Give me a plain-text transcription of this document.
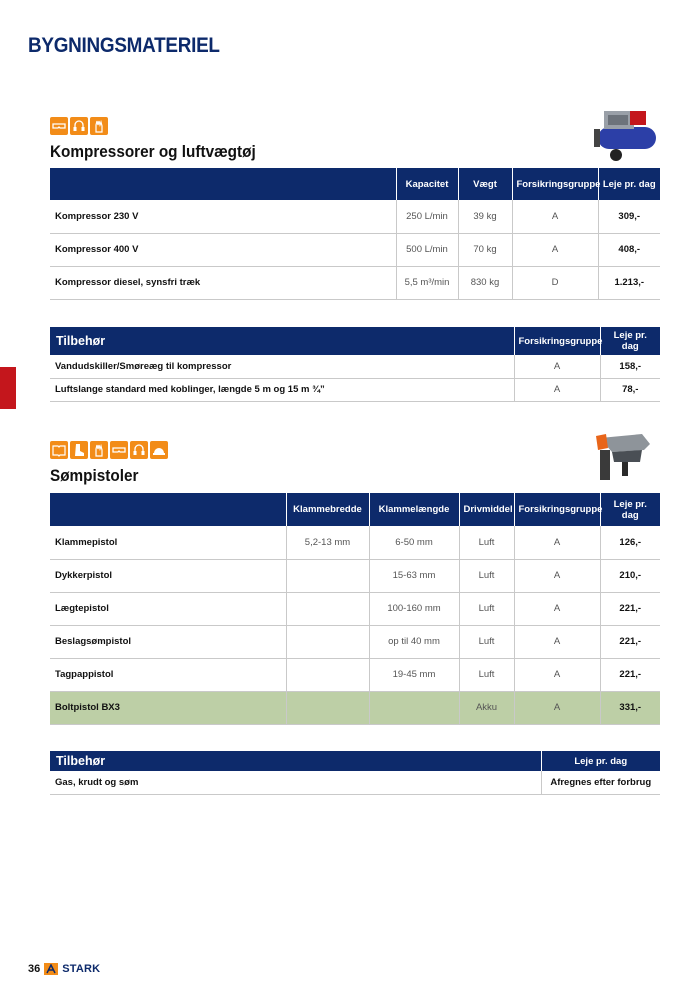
BYGNINGSMATERIEL
Kompressorer og luftvægtøj
	Kapacitet	Vægt	Forsikringsgruppe	Leje pr. dag
Kompressor 230 V	250 L/min	39 kg	A	309,-
Kompressor 400 V	500 L/min	70 kg	A	408,-
Kompressor diesel, synsfri træk	5,5 m³/min	830 kg	D	1.213,-
Tilbehør	Forsikringsgruppe	Leje pr. dag
Vandudskiller/Smøreæg til kompressor	A	158,-
Luftslange standard med koblinger, længde 5 m og 15 m ¾”	A	78,-
Sømpistoler
	Klammebredde	Klammelængde	Drivmiddel	Forsikringsgruppe	Leje pr. dag
Klammepistol	5,2-13 mm	6-50 mm	Luft	A	126,-
Dykkerpistol		15-63 mm	Luft	A	210,-
Lægtepistol		100-160 mm	Luft	A	221,-
Beslagsømpistol		op til 40 mm	Luft	A	221,-
Tagpappistol		19-45 mm	Luft	A	221,-
Boltpistol BX3			Akku	A	331,-
Tilbehør	Leje pr. dag
Gas, krudt og søm	Afregnes efter forbrug
36 STARK
